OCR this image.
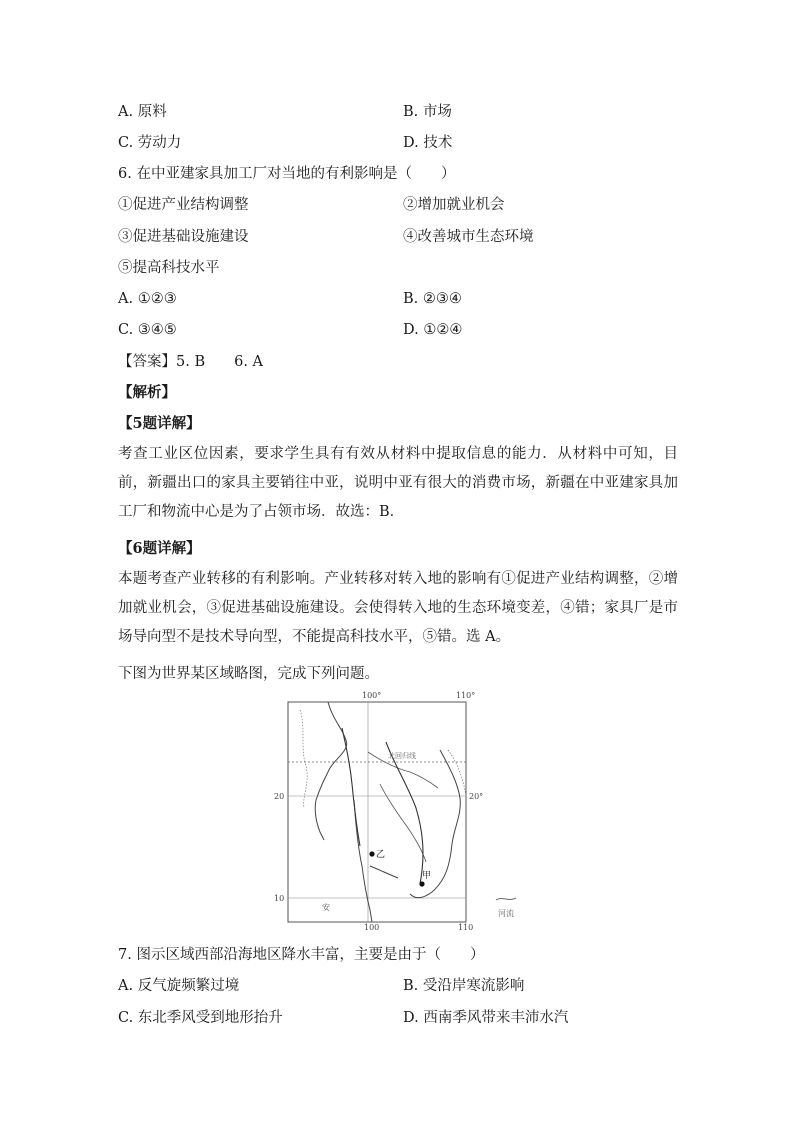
A. 原料	B. 市场
C. 劳动力	D. 技术
6. 在中亚建家具加工厂对当地的有利影响是（　　）
①促进产业结构调整	②增加就业机会
③促进基础设施建设	④改善城市生态环境
⑤提高科技水平
A. ①②③	B. ②③④
C. ③④⑤	D. ①②④
【答案】5. B　　6. A
【解析】
【5题详解】
考查工业区位因素，要求学生具有有效从材料中提取信息的能力．从材料中可知，目前，新疆出口的家具主要销往中亚，说明中亚有很大的消费市场，新疆在中亚建家具加工厂和物流中心是为了占领市场．故选：B．
【6题详解】
本题考查产业转移的有利影响。产业转移对转入地的影响有①促进产业结构调整，②增加就业机会，③促进基础设施建设。会使得转入地的生态环境变差，④错；家具厂是市场导向型不是技术导向型，不能提高科技水平，⑤错。选 A。
下图为世界某区域略图，完成下列问题。
100°	110°
100	110
20	20°
10
北回归线
乙
甲
安
河流
7. 图示区域西部沿海地区降水丰富，主要是由于（　　）
A. 反气旋频繁过境	B. 受沿岸寒流影响
C. 东北季风受到地形抬升	D. 西南季风带来丰沛水汽
